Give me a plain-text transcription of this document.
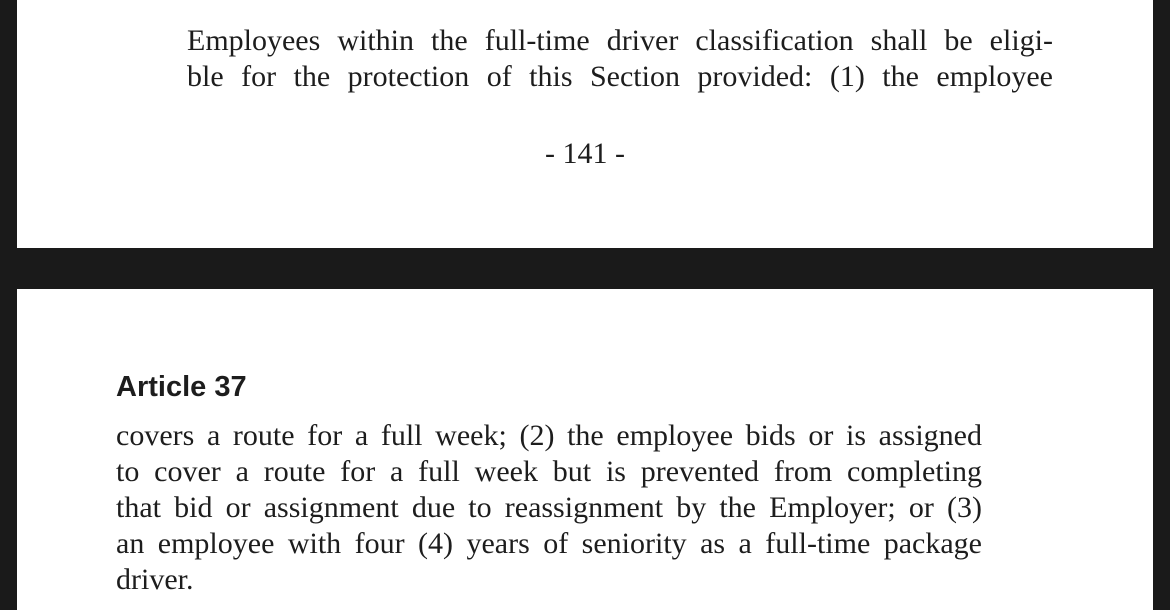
Employees within the full-time driver classification shall be eligi-
ble for the protection of this Section provided: (1) the employee

- 141 -

Article 37

covers a route for a full week; (2) the employee bids or is assigned
to cover a route for a full week but is prevented from completing
that bid or assignment due to reassignment by the Employer; or (3)
an employee with four (4) years of seniority as a full-time package
driver.
